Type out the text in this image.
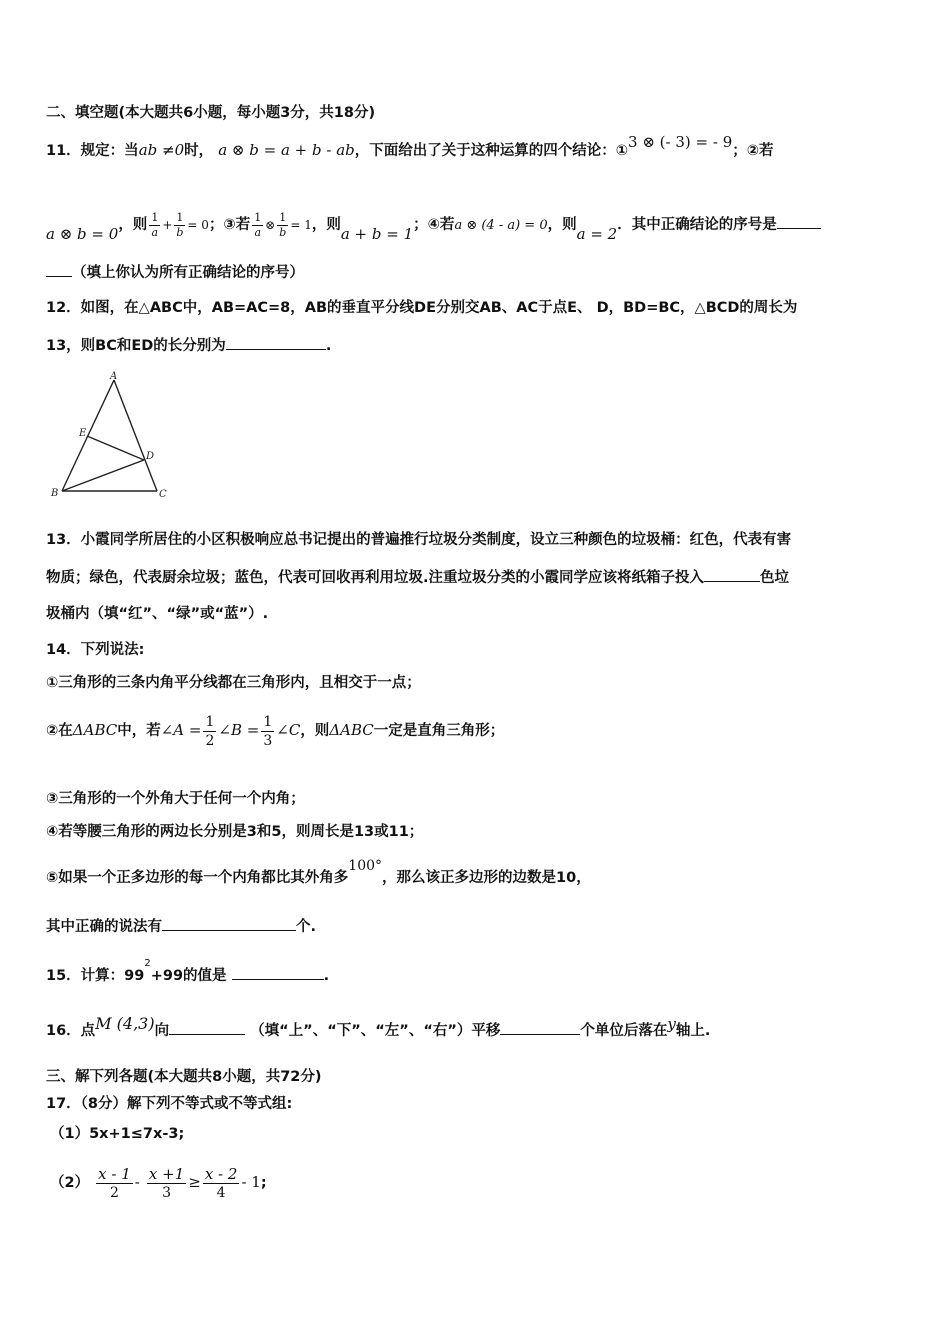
二、填空题(本大题共6小题，每小题3分，共18分)
11．规定：当ab ≠0时， a ⊗ b = a + b - ab，下面给出了关于这种运算的四个结论：①3 ⊗ (- 3) = - 9；②若
a ⊗ b = 0，则 $\frac{1}{a} + \frac{1}{b} = 0$；③若 $\frac{1}{a}$ ⊗ $\frac{1}{b} = 1$，则a + b = 1；④若a ⊗ (4 - a) = 0，则a = 2．其中正确结论的序号是
（填上你认为所有正确结论的序号）
12．如图，在△ABC中，AB=AC=8，AB的垂直平分线DE分别交AB、AC于点E、 D，BD=BC，△BCD的周长为
13，则BC和ED的长分别为	.
A
E
D
B	C
13．小霞同学所居住的小区积极响应总书记提出的普遍推行垃圾分类制度，设立三种颜色的垃圾桶：红色，代表有害
物质；绿色，代表厨余垃圾；蓝色，代表可回收再利用垃圾.注重垃圾分类的小霞同学应该将纸箱子投入	色垃
圾桶内（填“红”、“绿”或“蓝”）.
14．下列说法:
①三角形的三条内角平分线都在三角形内，且相交于一点；
②在ΔABC中，若∠A = $\frac{1}{2}$ ∠B = $\frac{1}{3}$ ∠C，则ΔABC一定是直角三角形；
③三角形的一个外角大于任何一个内角；
④若等腰三角形的两边长分别是3和5，则周长是13或11；
⑤如果一个正多边形的每一个内角都比其外角多100°，那么该正多边形的边数是10，
其中正确的说法有	个.
15．计算：$99^2+99$的值是	.
16．点M (4,3)向	（填“上”、“下”、“左”、“右”）平移	个单位后落在y轴上.
三、解下列各题(本大题共8小题，共72分)
17．（8分）解下列不等式或不等式组:
（1）5x+1≤7x-3;
$(2) \frac{x - 1}{2} - \frac{x +1}{3} \ge \frac{x - 2}{4} - 1$;
